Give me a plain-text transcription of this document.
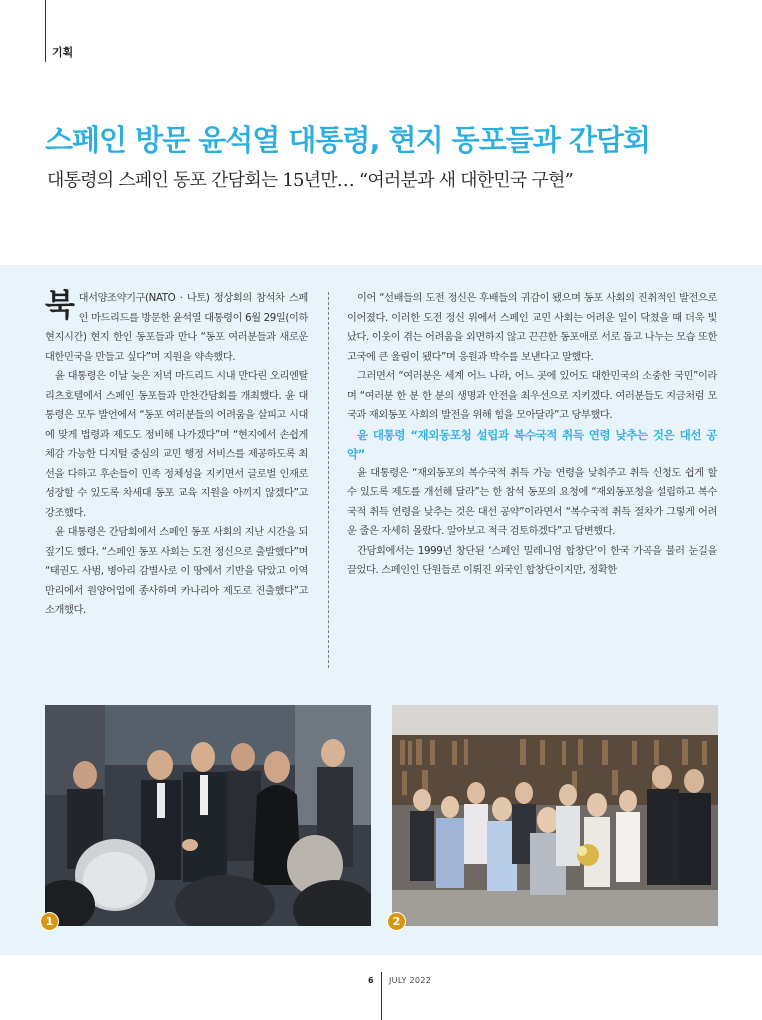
기획
스페인 방문 윤석열 대통령, 현지 동포들과 간담회
대통령의 스페인 동포 간담회는 15년만… “여러분과 새 대한민국 구현”

북대서양조약기구(NATO · 나토) 정상회의 참석차 스페인 마드리드를 방문한 윤석열 대통령이 6월 29일(이하 현지시간) 현지 한인 동포들과 만나 “동포 여러분들과 새로운 대한민국을 만들고 싶다”며 지원을 약속했다.

윤 대통령은 이날 늦은 저녁 마드리드 시내 만다린 오리엔탈 리츠호텔에서 스페인 동포들과 만찬간담회를 개최했다. 윤 대통령은 모두 발언에서 “동포 여러분들의 어려움을 살피고 시대에 맞게 법령과 제도도 정비해 나가겠다”며 “현지에서 손쉽게 체감 가능한 디지털 중심의 교민 행정 서비스를 제공하도록 최선을 다하고 후손들이 민족 정체성을 지키면서 글로벌 인재로 성장할 수 있도록 차세대 동포 교육 지원을 아끼지 않겠다”고 강조했다.

윤 대통령은 간담회에서 스페인 동포 사회의 지난 시간을 되짚기도 했다. “스페인 동포 사회는 도전 정신으로 출발했다”며 “태권도 사범, 병아리 감별사로 이 땅에서 기반을 닦았고 이역만리에서 원양어업에 종사하며 카나리아 제도로 진출했다”고 소개했다.

이어 “선배들의 도전 정신은 후배들의 귀감이 됐으며 동포 사회의 진취적인 발전으로 이어졌다. 이러한 도전 정신 위에서 스페인 교민 사회는 어려운 일이 닥쳤을 때 더욱 빛났다. 이웃이 겪는 어려움을 외면하지 않고 끈끈한 동포애로 서로 돕고 나누는 모습 또한 고국에 큰 울림이 됐다”며 응원과 박수를 보낸다고 말했다.

그러면서 “여러분은 세계 어느 나라, 어느 곳에 있어도 대한민국의 소중한 국민”이라며 “여러분 한 분 한 분의 생명과 안전을 최우선으로 지키겠다. 여러분들도 지금처럼 모국과 재외동포 사회의 발전을 위해 힘을 모아달라”고 당부했다.

윤 대통령 “재외동포청 설립과 복수국적 취득 연령 낮추는 것은 대선 공약”

윤 대통령은 “재외동포의 복수국적 취득 가능 연령을 낮춰주고 취득 신청도 쉽게 할 수 있도록 제도를 개선해 달라”는 한 참석 동포의 요청에 “재외동포청을 설립하고 복수국적 취득 연령을 낮추는 것은 대선 공약”이라면서 “복수국적 취득 절차가 그렇게 어려운 줄은 자세히 몰랐다. 알아보고 적극 검토하겠다”고 답변했다.

간담회에서는 1999년 창단된 ‘스페인 밀레니엄 합창단’이 한국 가곡을 불러 눈길을 끌었다. 스페인인 단원들로 이뤄진 외국인 합창단이지만, 정확한

1	2
6 JULY 2022
